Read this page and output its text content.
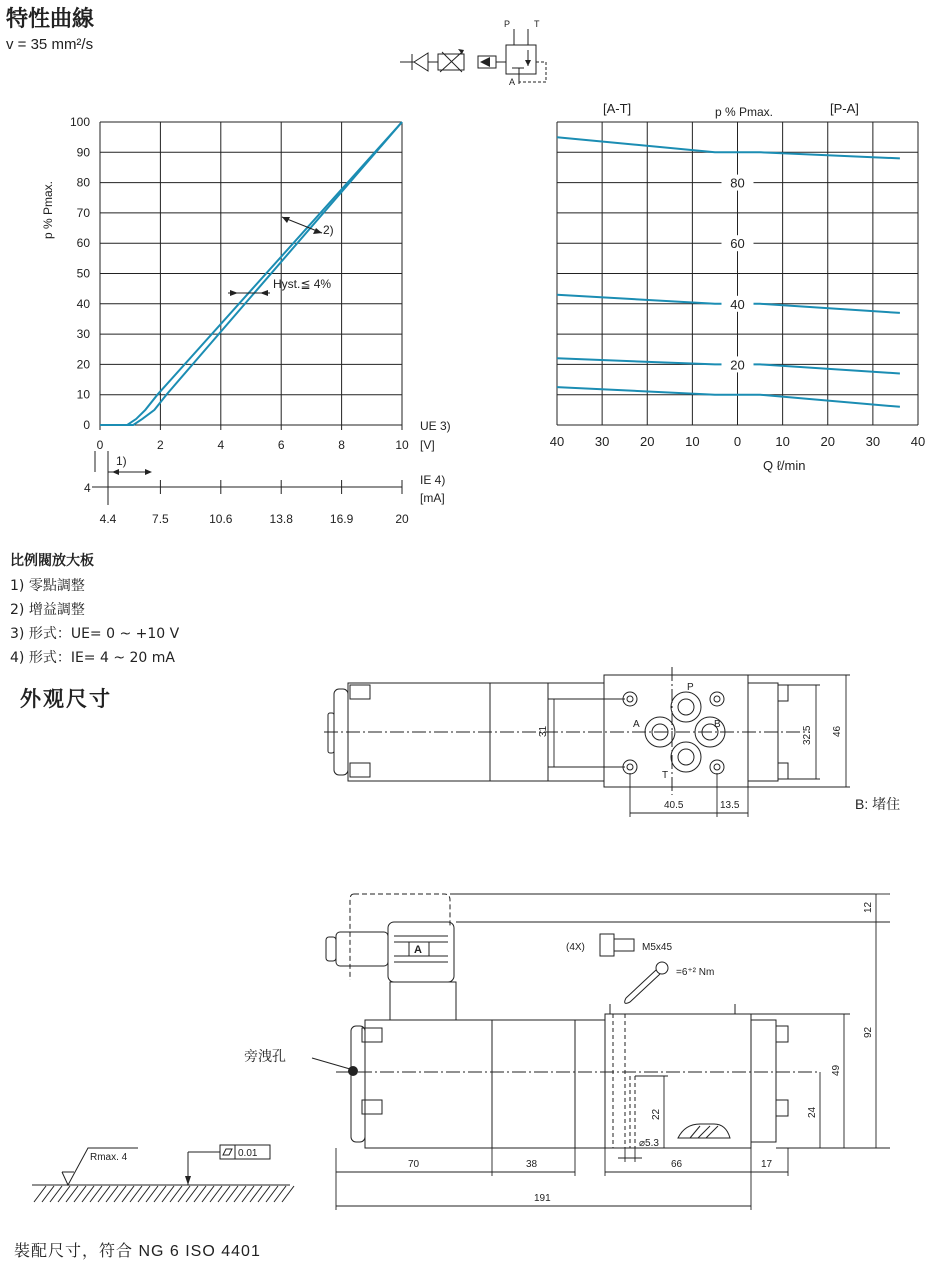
特性曲線
v = 35 mm²/s
P	T
A
p % Pmax.
0
10
20
30
40
50
60
70
80
90
100
0	2	4	6	8	10
UE 3)
[V]
2)
Hyst.≦ 4%
1)
4
4.4	7.5	10.6	13.8	16.9	20
IE 4)
[mA]
[A-T]	p % Pmax.	[P-A]
20
40
60
80
40 30 20 10	0	10 20 30 40
Q ℓ/min
比例閥放大板
1) 零點調整
2) 增益調整
3) 形式：UE= 0 ~ +10 V
4) 形式：IE= 4 ~ 20 mA
外观尺寸	P
A	B
T
31	32.5 46
40.5	13.5	B: 堵住
A	(4X)	M5x45
=6⁺² Nm
12
92
49
24
22
⌀5.3
70	38	66	17
191
旁洩孔
Rmax. 4	0.01
裝配尺寸，符合 NG 6 ISO 4401
